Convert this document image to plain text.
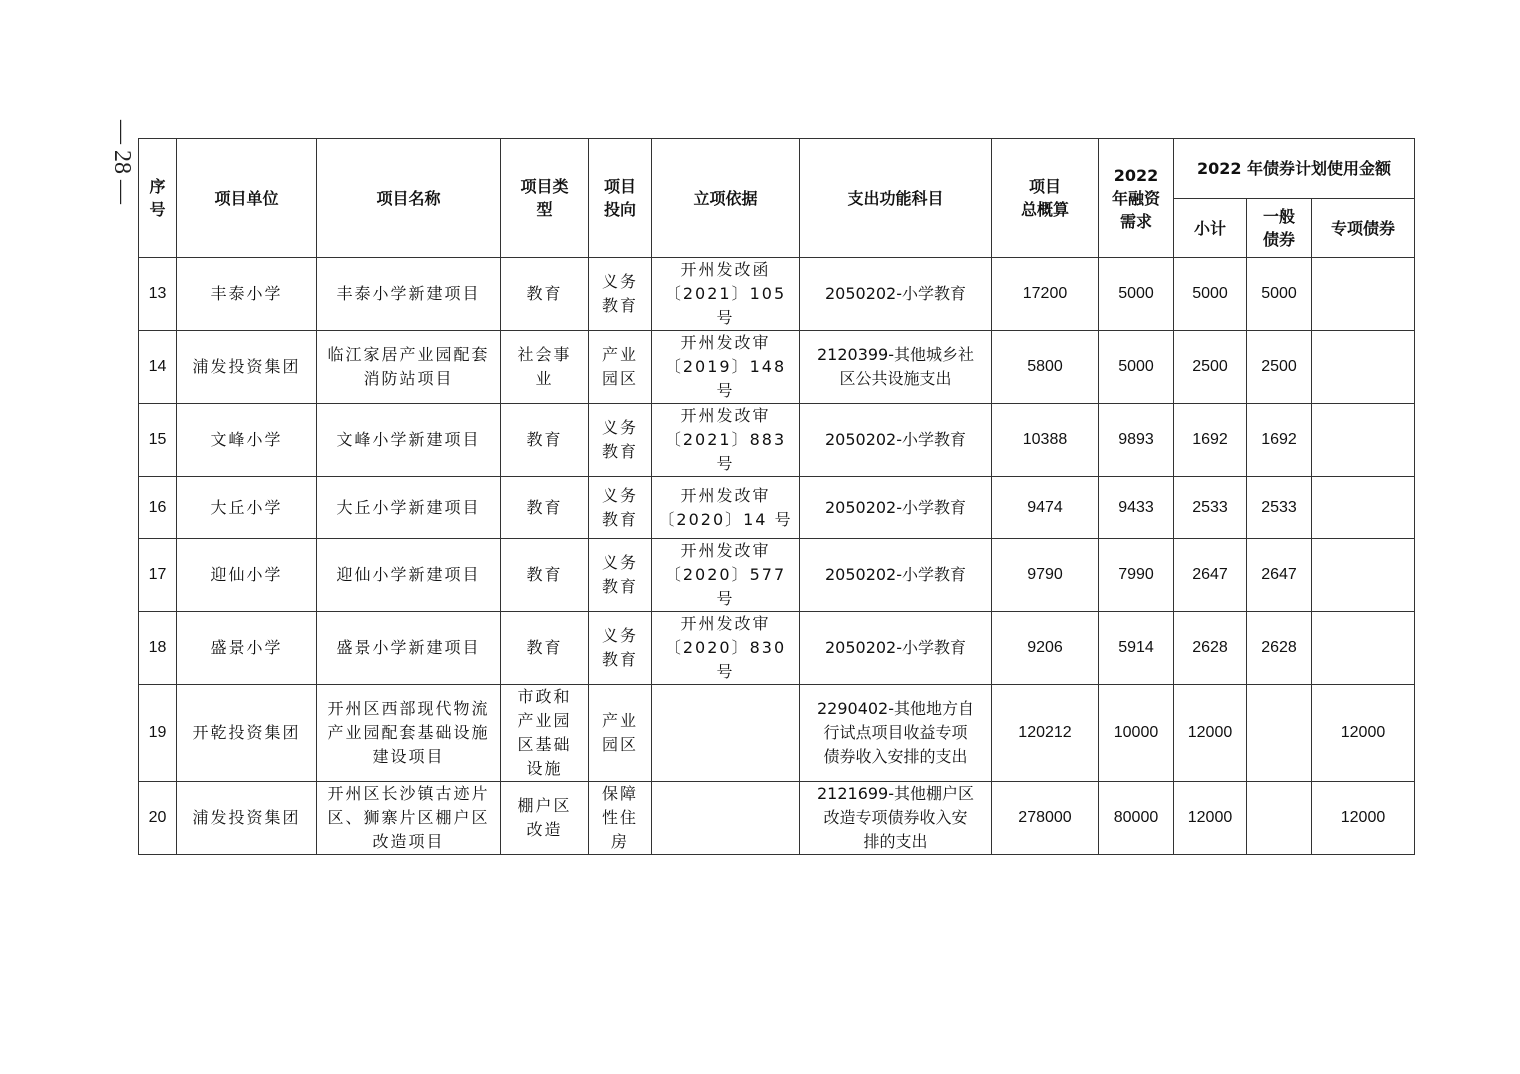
— 28 — 序
号	项目单位	项目名称	项目类
型	项目
投向	立项依据	支出功能科目	项目
总概算	2022
年融资
需求	2022 年债券计划使用金额		

									小计	一般
债券	专项债券

13	丰泰小学	丰泰小学新建项目	教育	义务
教育	开州发改函
〔2021〕105 号	2050202-小学教育	17200	5000	5000	5000	
14	浦发投资集团	临江家居产业园配套
消防站项目	社会事
业	产业
园区	开州发改审
〔2019〕148 号	2120399-其他城乡社
区公共设施支出	5800	5000	2500	2500	
15	文峰小学	文峰小学新建项目	教育	义务
教育	开州发改审
〔2021〕883 号	2050202-小学教育	10388	9893	1692	1692	
16	大丘小学	大丘小学新建项目	教育	义务
教育	开州发改审
〔2020〕14 号	2050202-小学教育	9474	9433	2533	2533	
17	迎仙小学	迎仙小学新建项目	教育	义务
教育	开州发改审
〔2020〕577 号	2050202-小学教育	9790	7990	2647	2647	
18	盛景小学	盛景小学新建项目	教育	义务
教育	开州发改审
〔2020〕830 号	2050202-小学教育	9206	5914	2628	2628	
19	开乾投资集团	开州区西部现代物流
产业园配套基础设施
建设项目	市政和
产业园
区基础
设施	产业
园区		2290402-其他地方自
行试点项目收益专项
债券收入安排的支出	120212	10000	12000		12000
20	浦发投资集团	开州区长沙镇古迹片
区、狮寨片区棚户区
改造项目	棚户区
改造	保障
性住
房		2121699-其他棚户区
改造专项债券收入安
排的支出	278000	80000	12000		12000
